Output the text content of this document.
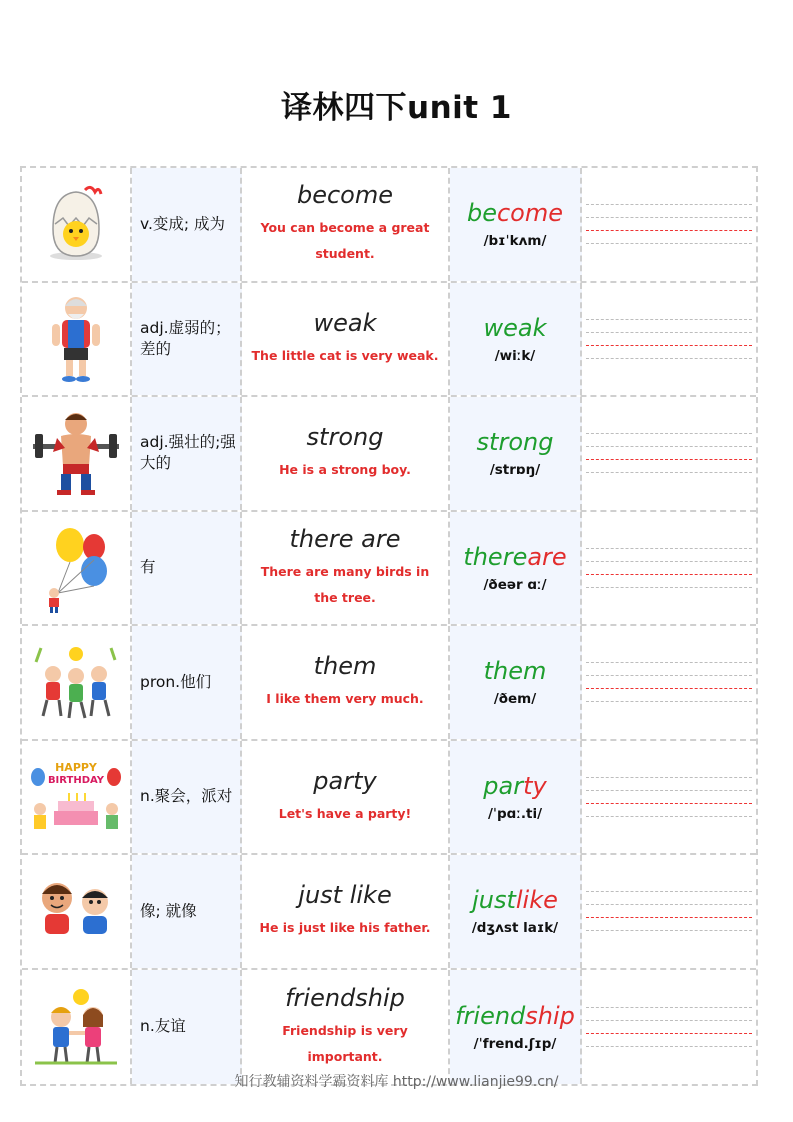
译林四下unit 1
v.变成; 成为
become
You can become a great student.
become
/bɪˈkʌm/
adj.虚弱的；差的
weak
The little cat is very weak.
weak
/wiːk/
adj.强壮的;强大的
strong
He is a strong boy.
strong
/strɒŋ/
有
there are
There are many birds in the tree.
thereare
/ðeər ɑː/
pron.他们
them
I like them very much.
them
/ðem/
HAPPY
BIRTHDAY
n.聚会，派对
party
Let's have a party!
party
/ˈpɑː.ti/
像; 就像
just like
He is just like his father.
justlike
/dʒʌst laɪk/
n.友谊
friendship
Friendship is very important.
friendship
/ˈfrend.ʃɪp/
知行教辅资料学霸资料库 http://www.lianjie99.cn/
